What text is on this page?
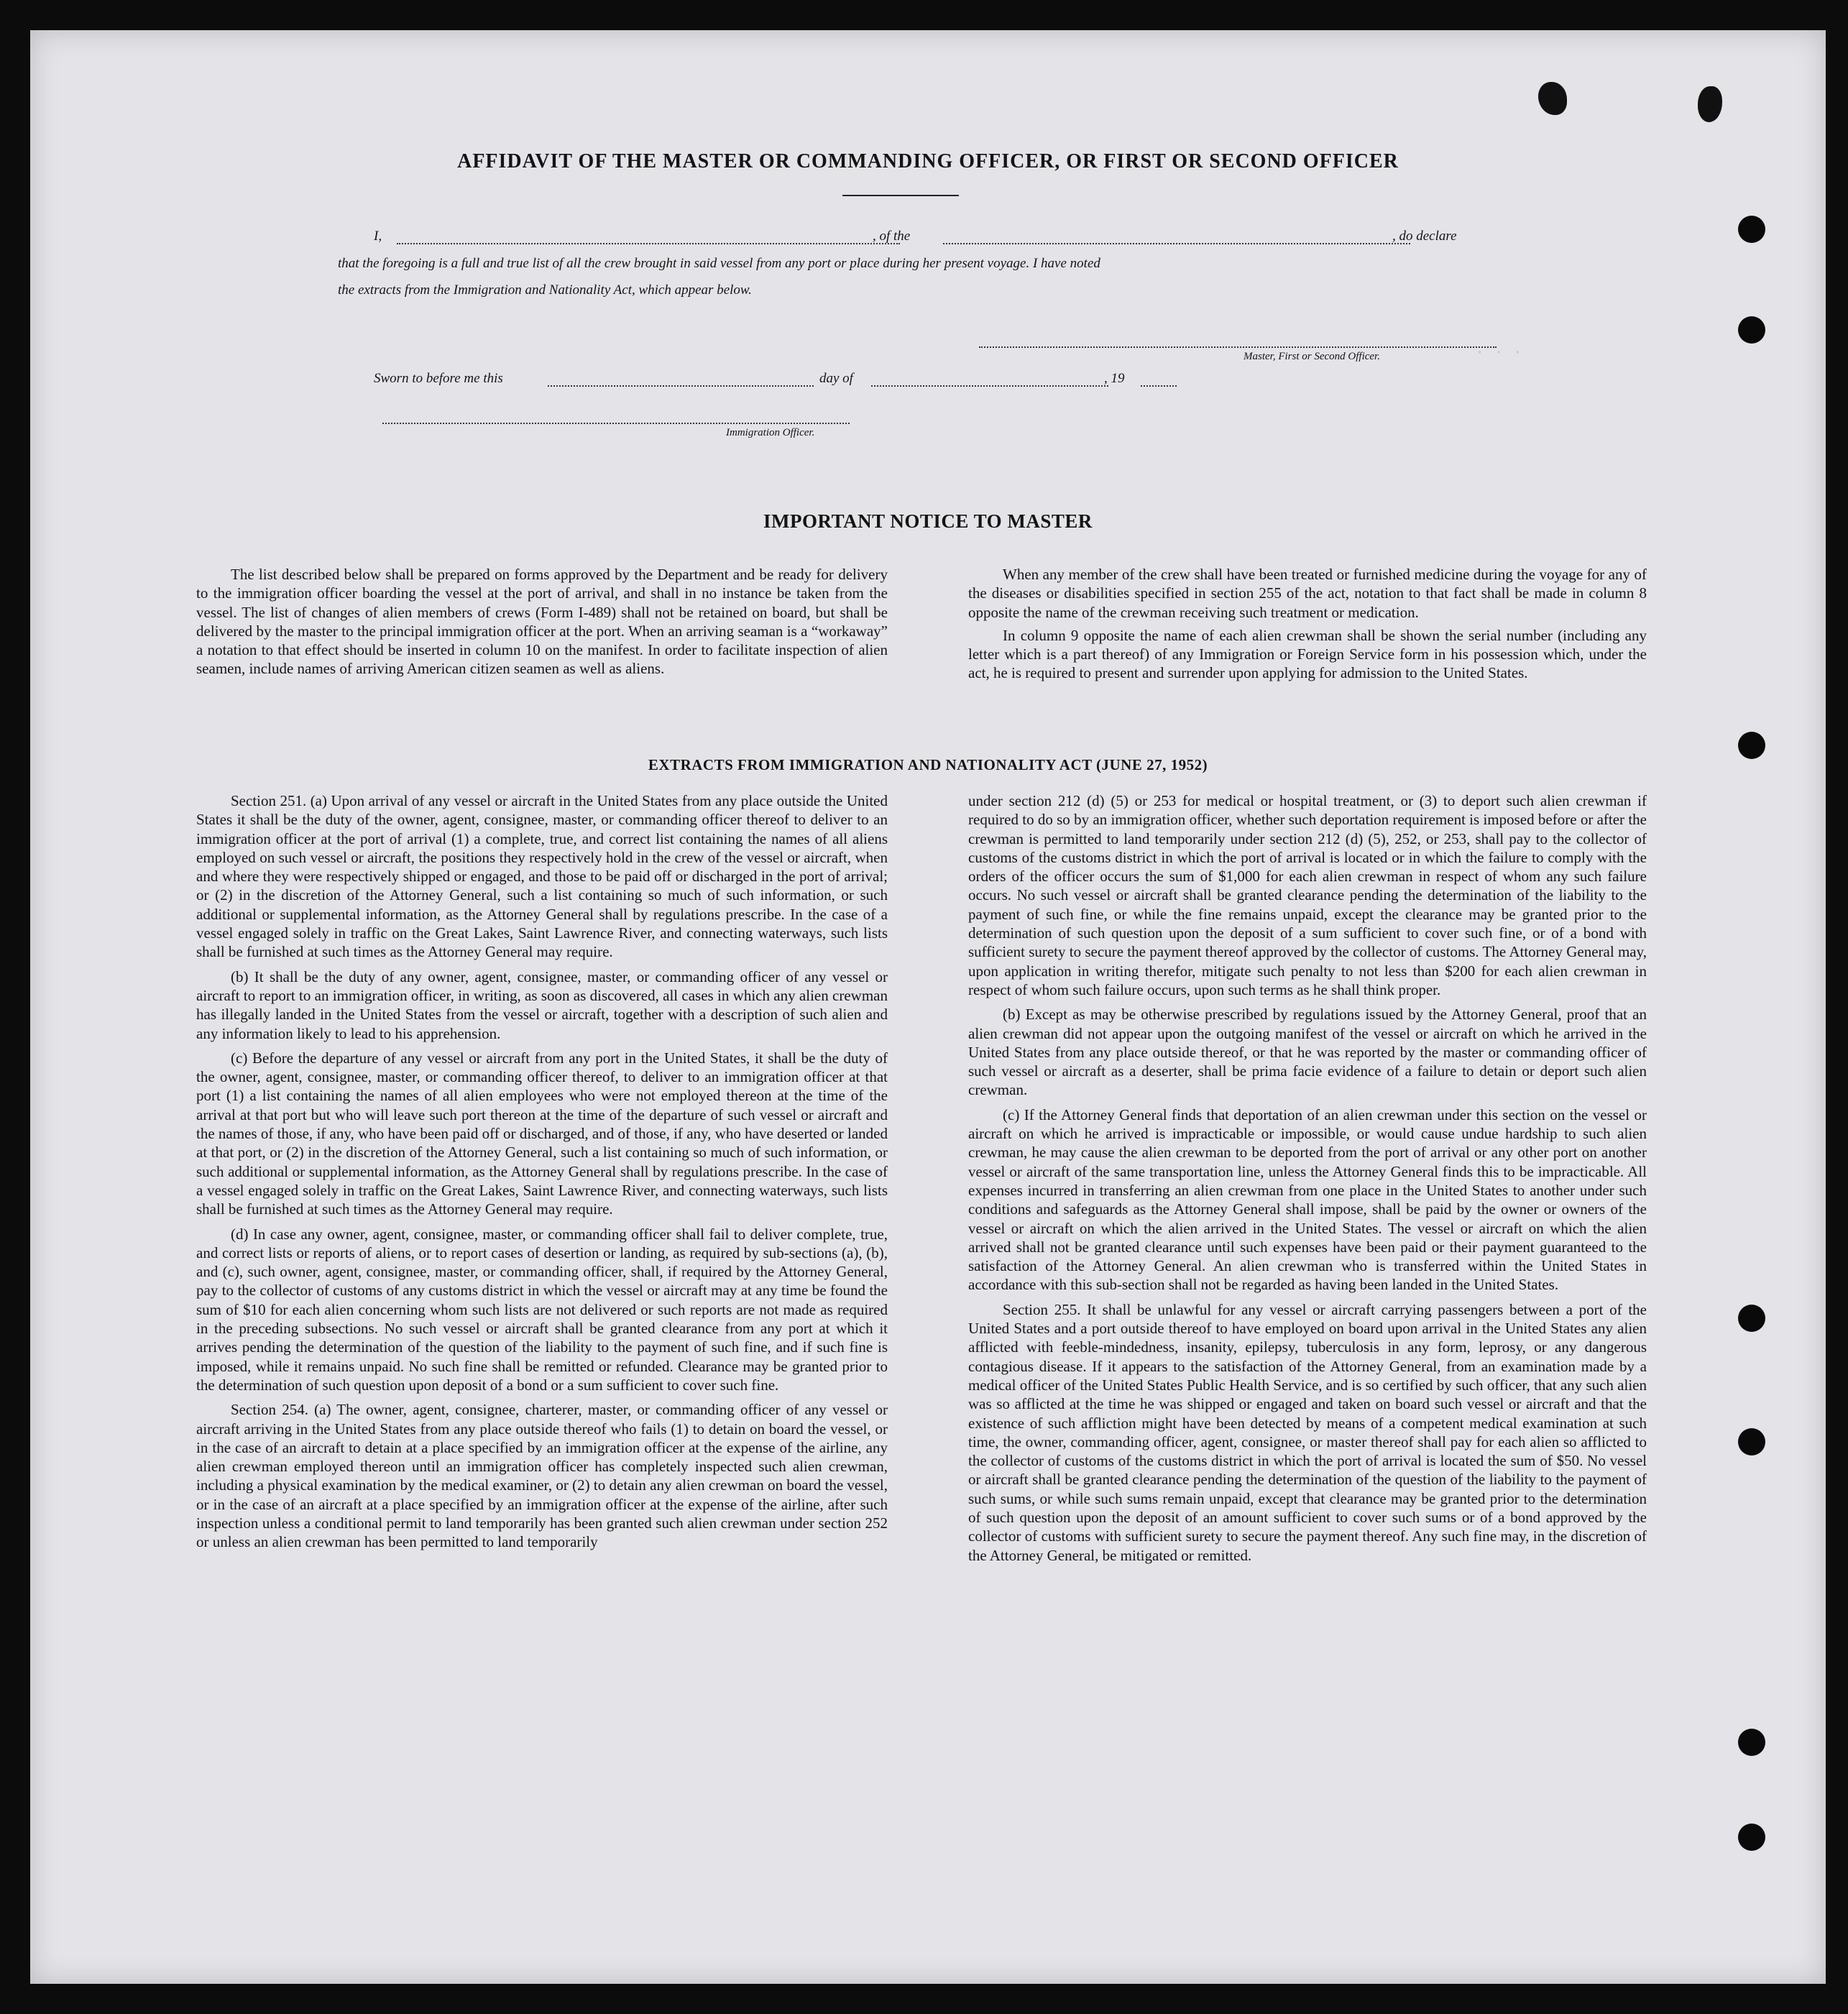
· · ·
AFFIDAVIT OF THE MASTER OR COMMANDING OFFICER, OR FIRST OR SECOND OFFICER
I,	, of the	, do declare
that the foregoing is a full and true list of all the crew brought in said vessel from any port or place during her present voyage. I have noted
the extracts from the Immigration and Nationality Act, which appear below.
Master, First or Second Officer.
Sworn to before me this	day of	, 19
Immigration Officer.
IMPORTANT NOTICE TO MASTER

The list described below shall be prepared on forms approved by the Department and be ready for delivery to the immigration officer boarding the vessel at the port of arrival, and shall in no instance be taken from the vessel. The list of changes of alien members of crews (Form I-489) shall not be retained on board, but shall be delivered by the master to the principal immigration officer at the port. When an arriving seaman is a “workaway” a notation to that effect should be inserted in column 10 on the manifest. In order to facilitate inspection of alien seamen, include names of arriving American citizen seamen as well as aliens.

When any member of the crew shall have been treated or furnished medicine during the voyage for any of the diseases or disabilities specified in section 255 of the act, notation to that fact shall be made in column 8 opposite the name of the crewman receiving such treatment or medication.

In column 9 opposite the name of each alien crewman shall be shown the serial number (including any letter which is a part thereof) of any Immigration or Foreign Service form in his possession which, under the act, he is required to present and surrender upon applying for admission to the United States.

EXTRACTS FROM IMMIGRATION AND NATIONALITY ACT (JUNE 27, 1952)

Section 251. (a) Upon arrival of any vessel or aircraft in the United States from any place outside the United States it shall be the duty of the owner, agent, consignee, master, or commanding officer thereof to deliver to an immigration officer at the port of arrival (1) a complete, true, and correct list containing the names of all aliens employed on such vessel or aircraft, the positions they respectively hold in the crew of the vessel or aircraft, when and where they were respectively shipped or engaged, and those to be paid off or discharged in the port of arrival; or (2) in the discretion of the Attorney General, such a list containing so much of such information, or such additional or supplemental information, as the Attorney General shall by regulations prescribe. In the case of a vessel engaged solely in traffic on the Great Lakes, Saint Lawrence River, and connecting waterways, such lists shall be furnished at such times as the Attorney General may require.

(b) It shall be the duty of any owner, agent, consignee, master, or commanding officer of any vessel or aircraft to report to an immigration officer, in writing, as soon as discovered, all cases in which any alien crewman has illegally landed in the United States from the vessel or aircraft, together with a description of such alien and any information likely to lead to his apprehension.

(c) Before the departure of any vessel or aircraft from any port in the United States, it shall be the duty of the owner, agent, consignee, master, or commanding officer thereof, to deliver to an immigration officer at that port (1) a list containing the names of all alien employees who were not employed thereon at the time of the arrival at that port but who will leave such port thereon at the time of the departure of such vessel or aircraft and the names of those, if any, who have been paid off or discharged, and of those, if any, who have deserted or landed at that port, or (2) in the discretion of the Attorney General, such a list containing so much of such information, or such additional or supplemental information, as the Attorney General shall by regulations prescribe. In the case of a vessel engaged solely in traffic on the Great Lakes, Saint Lawrence River, and connecting waterways, such lists shall be furnished at such times as the Attorney General may require.

(d) In case any owner, agent, consignee, master, or commanding officer shall fail to deliver complete, true, and correct lists or reports of aliens, or to report cases of desertion or landing, as required by sub-sections (a), (b), and (c), such owner, agent, consignee, master, or commanding officer, shall, if required by the Attorney General, pay to the collector of customs of any customs district in which the vessel or aircraft may at any time be found the sum of $10 for each alien concerning whom such lists are not delivered or such reports are not made as required in the preceding subsections. No such vessel or aircraft shall be granted clearance from any port at which it arrives pending the determination of the question of the liability to the payment of such fine, and if such fine is imposed, while it remains unpaid. No such fine shall be remitted or refunded. Clearance may be granted prior to the determination of such question upon deposit of a bond or a sum sufficient to cover such fine.

Section 254. (a) The owner, agent, consignee, charterer, master, or commanding officer of any vessel or aircraft arriving in the United States from any place outside thereof who fails (1) to detain on board the vessel, or in the case of an aircraft to detain at a place specified by an immigration officer at the expense of the airline, any alien crewman employed thereon until an immigration officer has completely inspected such alien crewman, including a physical examination by the medical examiner, or (2) to detain any alien crewman on board the vessel, or in the case of an aircraft at a place specified by an immigration officer at the expense of the airline, after such inspection unless a conditional permit to land temporarily has been granted such alien crewman under section 252 or unless an alien crewman has been permitted to land temporarily

under section 212 (d) (5) or 253 for medical or hospital treatment, or (3) to deport such alien crewman if required to do so by an immigration officer, whether such deportation requirement is imposed before or after the crewman is permitted to land temporarily under section 212 (d) (5), 252, or 253, shall pay to the collector of customs of the customs district in which the port of arrival is located or in which the failure to comply with the orders of the officer occurs the sum of $1,000 for each alien crewman in respect of whom any such failure occurs. No such vessel or aircraft shall be granted clearance pending the determination of the liability to the payment of such fine, or while the fine remains unpaid, except the clearance may be granted prior to the determination of such question upon the deposit of a sum sufficient to cover such fine, or of a bond with sufficient surety to secure the payment thereof approved by the collector of customs. The Attorney General may, upon application in writing therefor, mitigate such penalty to not less than $200 for each alien crewman in respect of whom such failure occurs, upon such terms as he shall think proper.

(b) Except as may be otherwise prescribed by regulations issued by the Attorney General, proof that an alien crewman did not appear upon the outgoing manifest of the vessel or aircraft on which he arrived in the United States from any place outside thereof, or that he was reported by the master or commanding officer of such vessel or aircraft as a deserter, shall be prima facie evidence of a failure to detain or deport such alien crewman.

(c) If the Attorney General finds that deportation of an alien crewman under this section on the vessel or aircraft on which he arrived is impracticable or impossible, or would cause undue hardship to such alien crewman, he may cause the alien crewman to be deported from the port of arrival or any other port on another vessel or aircraft of the same transportation line, unless the Attorney General finds this to be impracticable. All expenses incurred in transferring an alien crewman from one place in the United States to another under such conditions and safeguards as the Attorney General shall impose, shall be paid by the owner or owners of the vessel or aircraft on which the alien arrived in the United States. The vessel or aircraft on which the alien arrived shall not be granted clearance until such expenses have been paid or their payment guaranteed to the satisfaction of the Attorney General. An alien crewman who is transferred within the United States in accordance with this sub-section shall not be regarded as having been landed in the United States.

Section 255. It shall be unlawful for any vessel or aircraft carrying passengers between a port of the United States and a port outside thereof to have employed on board upon arrival in the United States any alien afflicted with feeble-mindedness, insanity, epilepsy, tuberculosis in any form, leprosy, or any dangerous contagious disease. If it appears to the satisfaction of the Attorney General, from an examination made by a medical officer of the United States Public Health Service, and is so certified by such officer, that any such alien was so afflicted at the time he was shipped or engaged and taken on board such vessel or aircraft and that the existence of such affliction might have been detected by means of a competent medical examination at such time, the owner, commanding officer, agent, consignee, or master thereof shall pay for each alien so afflicted to the collector of customs of the customs district in which the port of arrival is located the sum of $50. No vessel or aircraft shall be granted clearance pending the determination of the question of the liability to the payment of such sums, or while such sums remain unpaid, except that clearance may be granted prior to the determination of such question upon the deposit of an amount sufficient to cover such sums or of a bond approved by the collector of customs with sufficient surety to secure the payment thereof. Any such fine may, in the discretion of the Attorney General, be mitigated or remitted.
